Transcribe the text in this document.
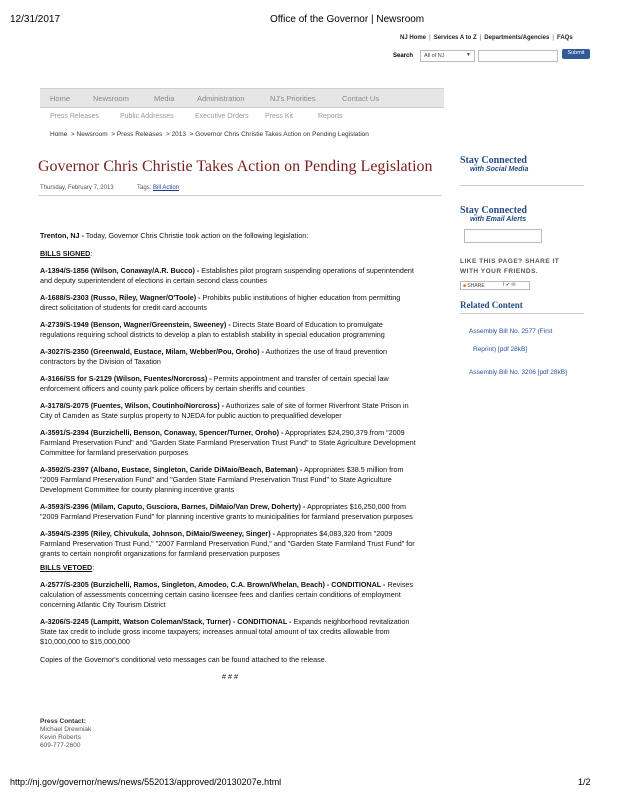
12/31/2017	Office of the Governor | Newsroom
NJ Home | Services A to Z | Departments/Agencies | FAQs
Search	All of NJ	▼	Submit
Home	Newsroom	Media	Administration	NJ's Priorities	Contact Us
Press Releases	Public Addresses	Executive Orders Press Kit	Reports
Home  > Newsroom  > Press Releases  > 2013  > Governor Chris Christie Takes Action on Pending Legislation
Governor Chris Christie Takes Action on Pending Legislation
Thursday, February 7, 2013	Tags: Bill Action

Trenton, NJ - Today, Governor Chris Christie took action on the following legislation:

BILLS SIGNED:

A-1394/S-1856 (Wilson, Conaway/A.R. Bucco) - Establishes pilot program suspending operations of superintendent
and deputy superintendent of elections in certain second class counties

A-1688/S-2303 (Russo, Riley, Wagner/O'Toole) - Prohibits public institutions of higher education from permitting
direct solicitation of students for credit card accounts

A-2739/S-1949 (Benson, Wagner/Greenstein, Sweeney) - Directs State Board of Education to promulgate
regulations requiring school districts to develop a plan to establish stability in special education programming

A-3027/S-2350 (Greenwald, Eustace, Milam, Webber/Pou, Oroho) - Authorizes the use of fraud prevention
contractors by the Division of Taxation

A-3166/SS for S-2129 (Wilson, Fuentes/Norcross) - Permits appointment and transfer of certain special law
enforcement officers and county park police officers by certain sheriffs and counties

A-3178/S-2075 (Fuentes, Wilson, Coutinho/Norcross) - Authorizes sale of site of former Riverfront State Prison in
City of Camden as State surplus property to NJEDA for public auction to prequalified developer

A-3591/S-2394 (Burzichelli, Benson, Conaway, Spencer/Turner, Oroho) - Appropriates $24,290,379 from "2009
Farmland Preservation Fund" and "Garden State Farmland Preservation Trust Fund" to State Agriculture Development
Committee for farmland preservation purposes

A-3592/S-2397 (Albano, Eustace, Singleton, Caride DiMaio/Beach, Bateman) - Appropriates $38.5 million from
"2009 Farmland Preservation Fund" and "Garden State Farmland Preservation Trust Fund" to State Agriculture
Development Committee for county planning incentive grants

A-3593/S-2396 (Milam, Caputo, Gusciora, Barnes, DiMaio/Van Drew, Doherty) - Appropriates $16,250,000 from
"2009 Farmland Preservation Fund" for planning incentive grants to municipalities for farmland preservation purposes

A-3594/S-2395 (Riley, Chivukula, Johnson, DiMaio/Sweeney, Singer) - Appropriates $4,083,320 from "2009
Farmland Preservation Trust Fund," "2007 Farmland Preservation Fund," and "Garden State Farmland Trust Fund" for
grants to certain nonprofit organizations for farmland preservation purposes

BILLS VETOED:

A-2577/S-2305 (Burzichelli, Ramos, Singleton, Amodeo, C.A. Brown/Whelan, Beach) - CONDITIONAL - Revises
calculation of assessments concerning certain casino licensee fees and clarifies certain conditions of employment
concerning Atlantic City Tourism District

A-3206/S-2245 (Lampitt, Watson Coleman/Stack, Turner) - CONDITIONAL - Expands neighborhood revitalization
State tax credit to include gross income taxpayers; increases annual total amount of tax credits allowable from
$10,000,000 to $15,000,000

Copies of the Governor's conditional veto messages can be found attached to the release.

# # #

Press Contact:
Michael Drewniak
Kevin Roberts
609-777-2600
Stay Connected
with Social Media
Stay Connected
with Email Alerts
LIKE THIS PAGE? SHARE IT
WITH YOUR FRIENDS.
■ SHARE	f ✔ ✉
Related Content
Assembly Bill No. 2577 (First
Reprint) [pdf 28kB]
Assembly Bill No. 3206 [pdf 28kB]
http://nj.gov/governor/news/news/552013/approved/20130207e.html	1/2
